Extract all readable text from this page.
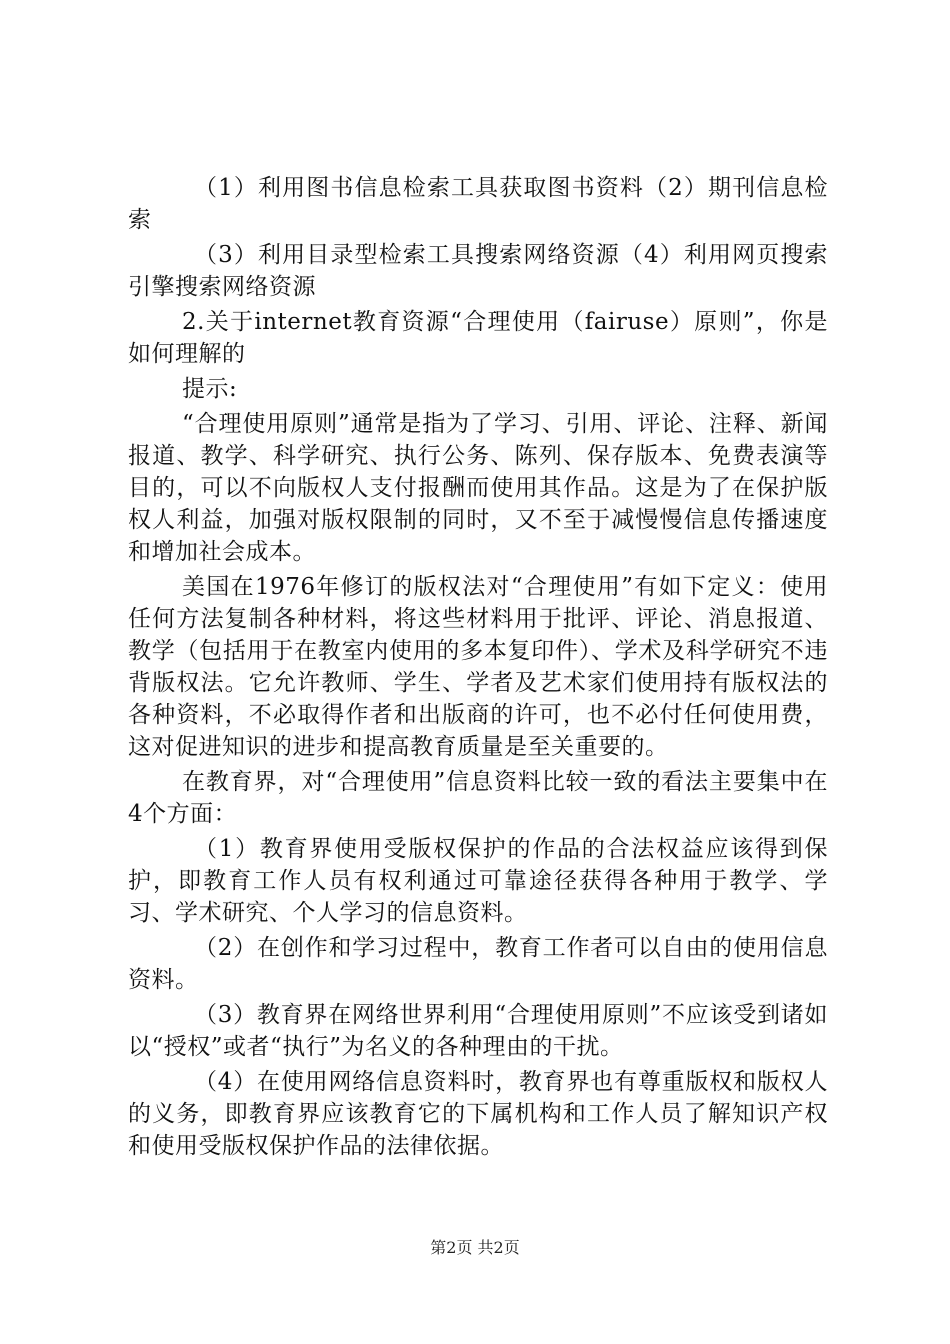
（1）利用图书信息检索工具获取图书资料（2）期刊信息检索

（3）利用目录型检索工具搜索网络资源（4）利用网页搜索引擎搜索网络资源

2.关于internet教育资源“合理使用（fairuse）原则”，你是如何理解的

提示:

“合理使用原则”通常是指为了学习、引用、评论、注释、新闻报道、教学、科学研究、执行公务、陈列、保存版本、免费表演等目的，可以不向版权人支付报酬而使用其作品。这是为了在保护版权人利益，加强对版权限制的同时，又不至于减慢慢信息传播速度和增加社会成本。

美国在1976年修订的版权法对“合理使用”有如下定义：使用任何方法复制各种材料，将这些材料用于批评、评论、消息报道、教学（包括用于在教室内使用的多本复印件）、学术及科学研究不违背版权法。它允许教师、学生、学者及艺术家们使用持有版权法的各种资料，不必取得作者和出版商的许可，也不必付任何使用费，这对促进知识的进步和提高教育质量是至关重要的。

在教育界，对“合理使用”信息资料比较一致的看法主要集中在4个方面：

（1）教育界使用受版权保护的作品的合法权益应该得到保护，即教育工作人员有权利通过可靠途径获得各种用于教学、学习、学术研究、个人学习的信息资料。

（2）在创作和学习过程中，教育工作者可以自由的使用信息资料。

（3）教育界在网络世界利用“合理使用原则”不应该受到诸如以“授权”或者“执行”为名义的各种理由的干扰。

（4）在使用网络信息资料时，教育界也有尊重版权和版权人的义务，即教育界应该教育它的下属机构和工作人员了解知识产权和使用受版权保护作品的法律依据。

第2页 共2页
